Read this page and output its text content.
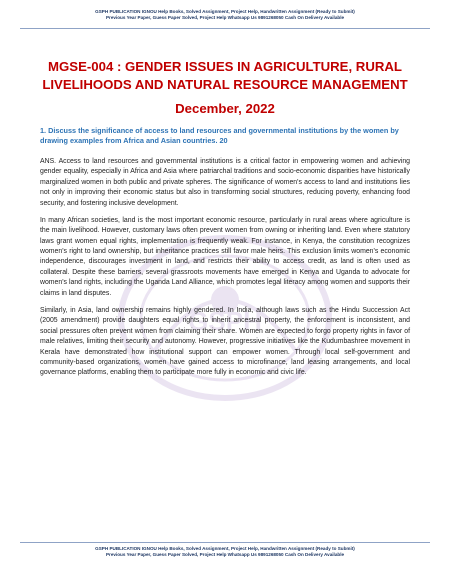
GSPH PUBLICATION IGNOU Help Books, Solved Assignment, Project Help, Handwritten Assignment (Ready to Submit)
Previous Year Paper, Guess Paper Solved, Project Help Whatsapp Us 9891268050 Cash On Delivery Available
GSPH
MGSE-004 : GENDER ISSUES IN AGRICULTURE, RURAL LIVELIHOODS AND NATURAL RESOURCE MANAGEMENT
December, 2022
1. Discuss the significance of access to land resources and governmental institutions by the women by drawing examples from Africa and Asian countries. 20

ANS. Access to land resources and governmental institutions is a critical factor in empowering women and achieving gender equality, especially in Africa and Asia where patriarchal traditions and socio-economic disparities have historically marginalized women in both public and private spheres. The significance of women's access to land and institutions lies not only in improving their economic status but also in transforming social structures, reducing poverty, enhancing food security, and fostering inclusive development.

In many African societies, land is the most important economic resource, particularly in rural areas where agriculture is the main livelihood. However, customary laws often prevent women from owning or inheriting land. Even where statutory laws grant women equal rights, implementation is frequently weak. For instance, in Kenya, the constitution recognizes women's right to land ownership, but inheritance practices still favor male heirs. This exclusion limits women's economic independence, discourages investment in land, and restricts their ability to access credit, as land is often used as collateral. Despite these barriers, several grassroots movements have emerged in Kenya and Uganda to advocate for women's land rights, including the Uganda Land Alliance, which promotes legal literacy among women and supports their claims in land disputes.

Similarly, in Asia, land ownership remains highly gendered. In India, although laws such as the Hindu Succession Act (2005 amendment) provide daughters equal rights to inherit ancestral property, the enforcement is inconsistent, and social pressures often prevent women from claiming their share. Women are expected to forgo property rights in favor of male relatives, limiting their security and autonomy. However, progressive initiatives like the Kudumbashree movement in Kerala have demonstrated how institutional support can empower women. Through local self-government and community-based organizations, women have gained access to microfinance, land leasing arrangements, and local governance platforms, enabling them to participate more fully in economic and civic life.

GSPH PUBLICATION IGNOU Help Books, Solved Assignment, Project Help, Handwritten Assignment (Ready to Submit)
Previous Year Paper, Guess Paper Solved, Project Help Whatsapp Us 9891268050 Cash On Delivery Available
